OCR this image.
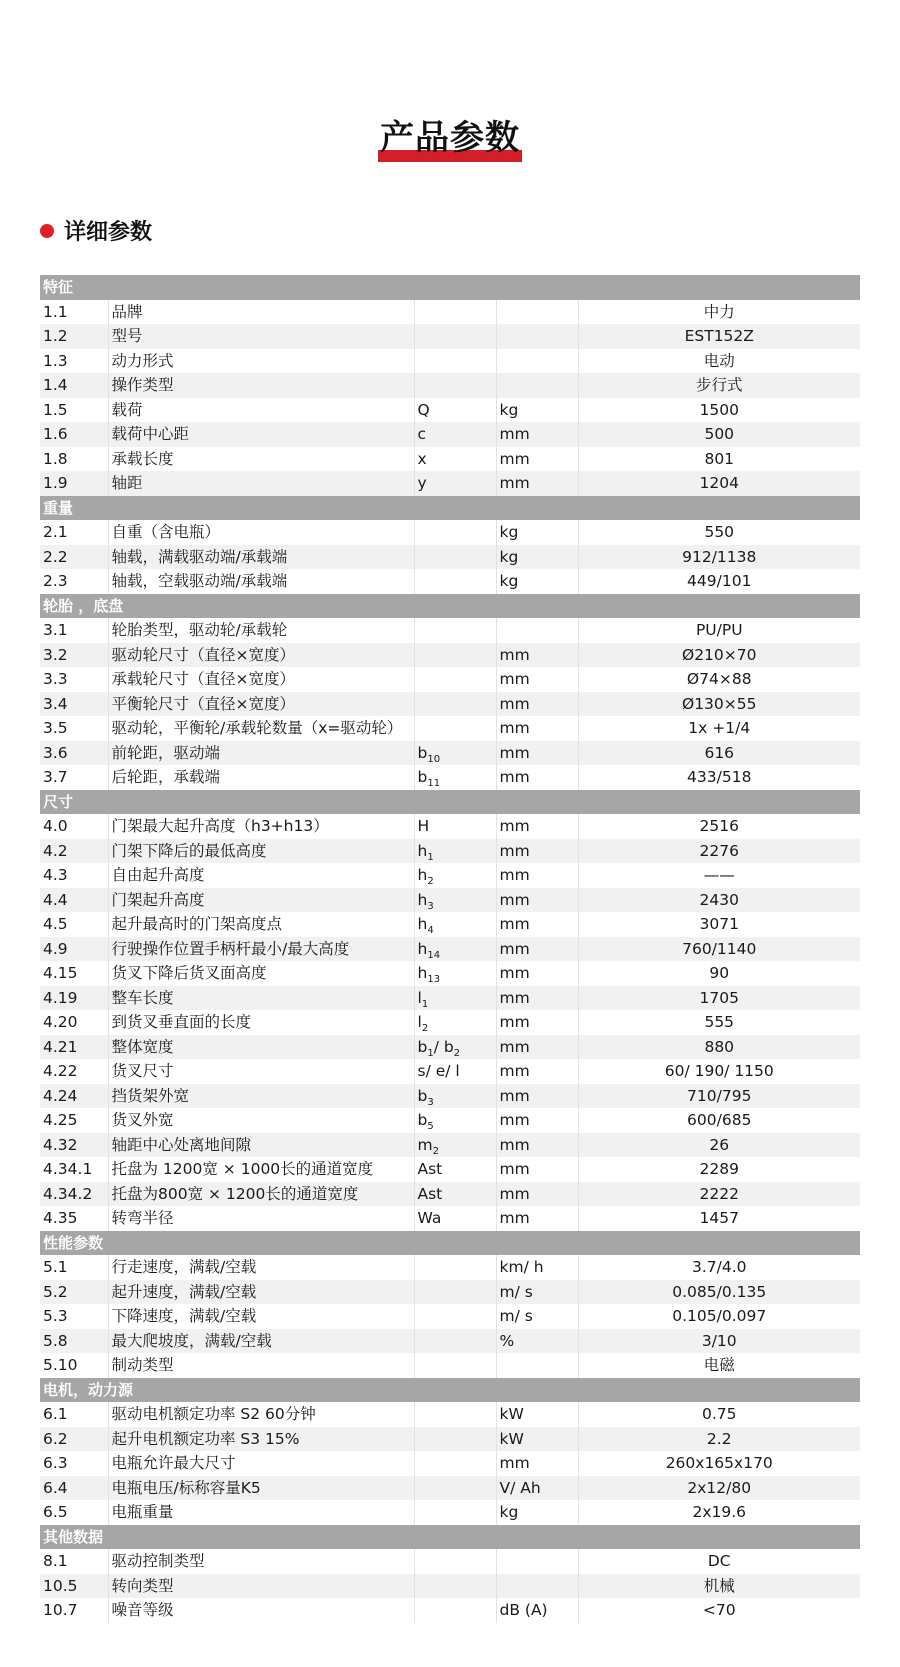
产品参数
详细参数
特征				
1.1	品牌			中力
1.2	型号			EST152Z
1.3	动力形式			电动
1.4	操作类型			步行式
1.5	载荷	Q	kg	1500
1.6	载荷中心距	c	mm	500
1.8	承载长度	x	mm	801
1.9	轴距	y	mm	1204
重量				
2.1	自重（含电瓶）		kg	550
2.2	轴载，满载驱动端/承载端		kg	912/1138
2.3	轴载，空载驱动端/承载端		kg	449/101
轮胎 ，底盘				
3.1	轮胎类型，驱动轮/承载轮			PU/PU
3.2	驱动轮尺寸（直径×宽度）		mm	Ø210×70
3.3	承载轮尺寸（直径×宽度）		mm	Ø74×88
3.4	平衡轮尺寸（直径×宽度）		mm	Ø130×55
3.5	驱动轮，平衡轮/承载轮数量（x=驱动轮）		mm	1x +1/4
3.6	前轮距，驱动端	$b_{10}$	mm	616
3.7	后轮距，承载端	$b_{11}$	mm	433/518
尺寸				
4.0	门架最大起升高度（h3+h13）	H	mm	2516
4.2	门架下降后的最低高度	$h_1$	mm	2276
4.3	自由起升高度	$h_2$	mm	——
4.4	门架起升高度	$h_3$	mm	2430
4.5	起升最高时的门架高度点	$h_4$	mm	3071
4.9	行驶操作位置手柄杆最小/最大高度	$h_{14}$	mm	760/1140
4.15	货叉下降后货叉面高度	$h_{13}$	mm	90
4.19	整车长度	$l_1$	mm	1705
4.20	到货叉垂直面的长度	$l_2$	mm	555
4.21	整体宽度	$b_1/$ $b_2$	mm	880
4.22	货叉尺寸	s/ e/ l	mm	60/ 190/ 1150
4.24	挡货架外宽	$b_3$	mm	710/795
4.25	货叉外宽	$b_5$	mm	600/685
4.32	轴距中心处离地间隙	$m_2$	mm	26
4.34.1	托盘为 1200宽 × 1000长的通道宽度	Ast	mm	2289
4.34.2	托盘为800宽 × 1200长的通道宽度	Ast	mm	2222
4.35	转弯半径	Wa	mm	1457
性能参数				
5.1	行走速度，满载/空载		km/ h	3.7/4.0
5.2	起升速度，满载/空载		m/ s	0.085/0.135
5.3	下降速度，满载/空载		m/ s	0.105/0.097
5.8	最大爬坡度，满载/空载		%	3/10
5.10	制动类型			电磁
电机，动力源				
6.1	驱动电机额定功率 S2 60分钟		kW	0.75
6.2	起升电机额定功率 S3 15%		kW	2.2
6.3	电瓶允许最大尺寸		mm	260x165x170
6.4	电瓶电压/标称容量K5		V/ Ah	2x12/80
6.5	电瓶重量		kg	2x19.6
其他数据				
8.1	驱动控制类型			DC
10.5	转向类型			机械
10.7	噪音等级		dB (A)	<70
